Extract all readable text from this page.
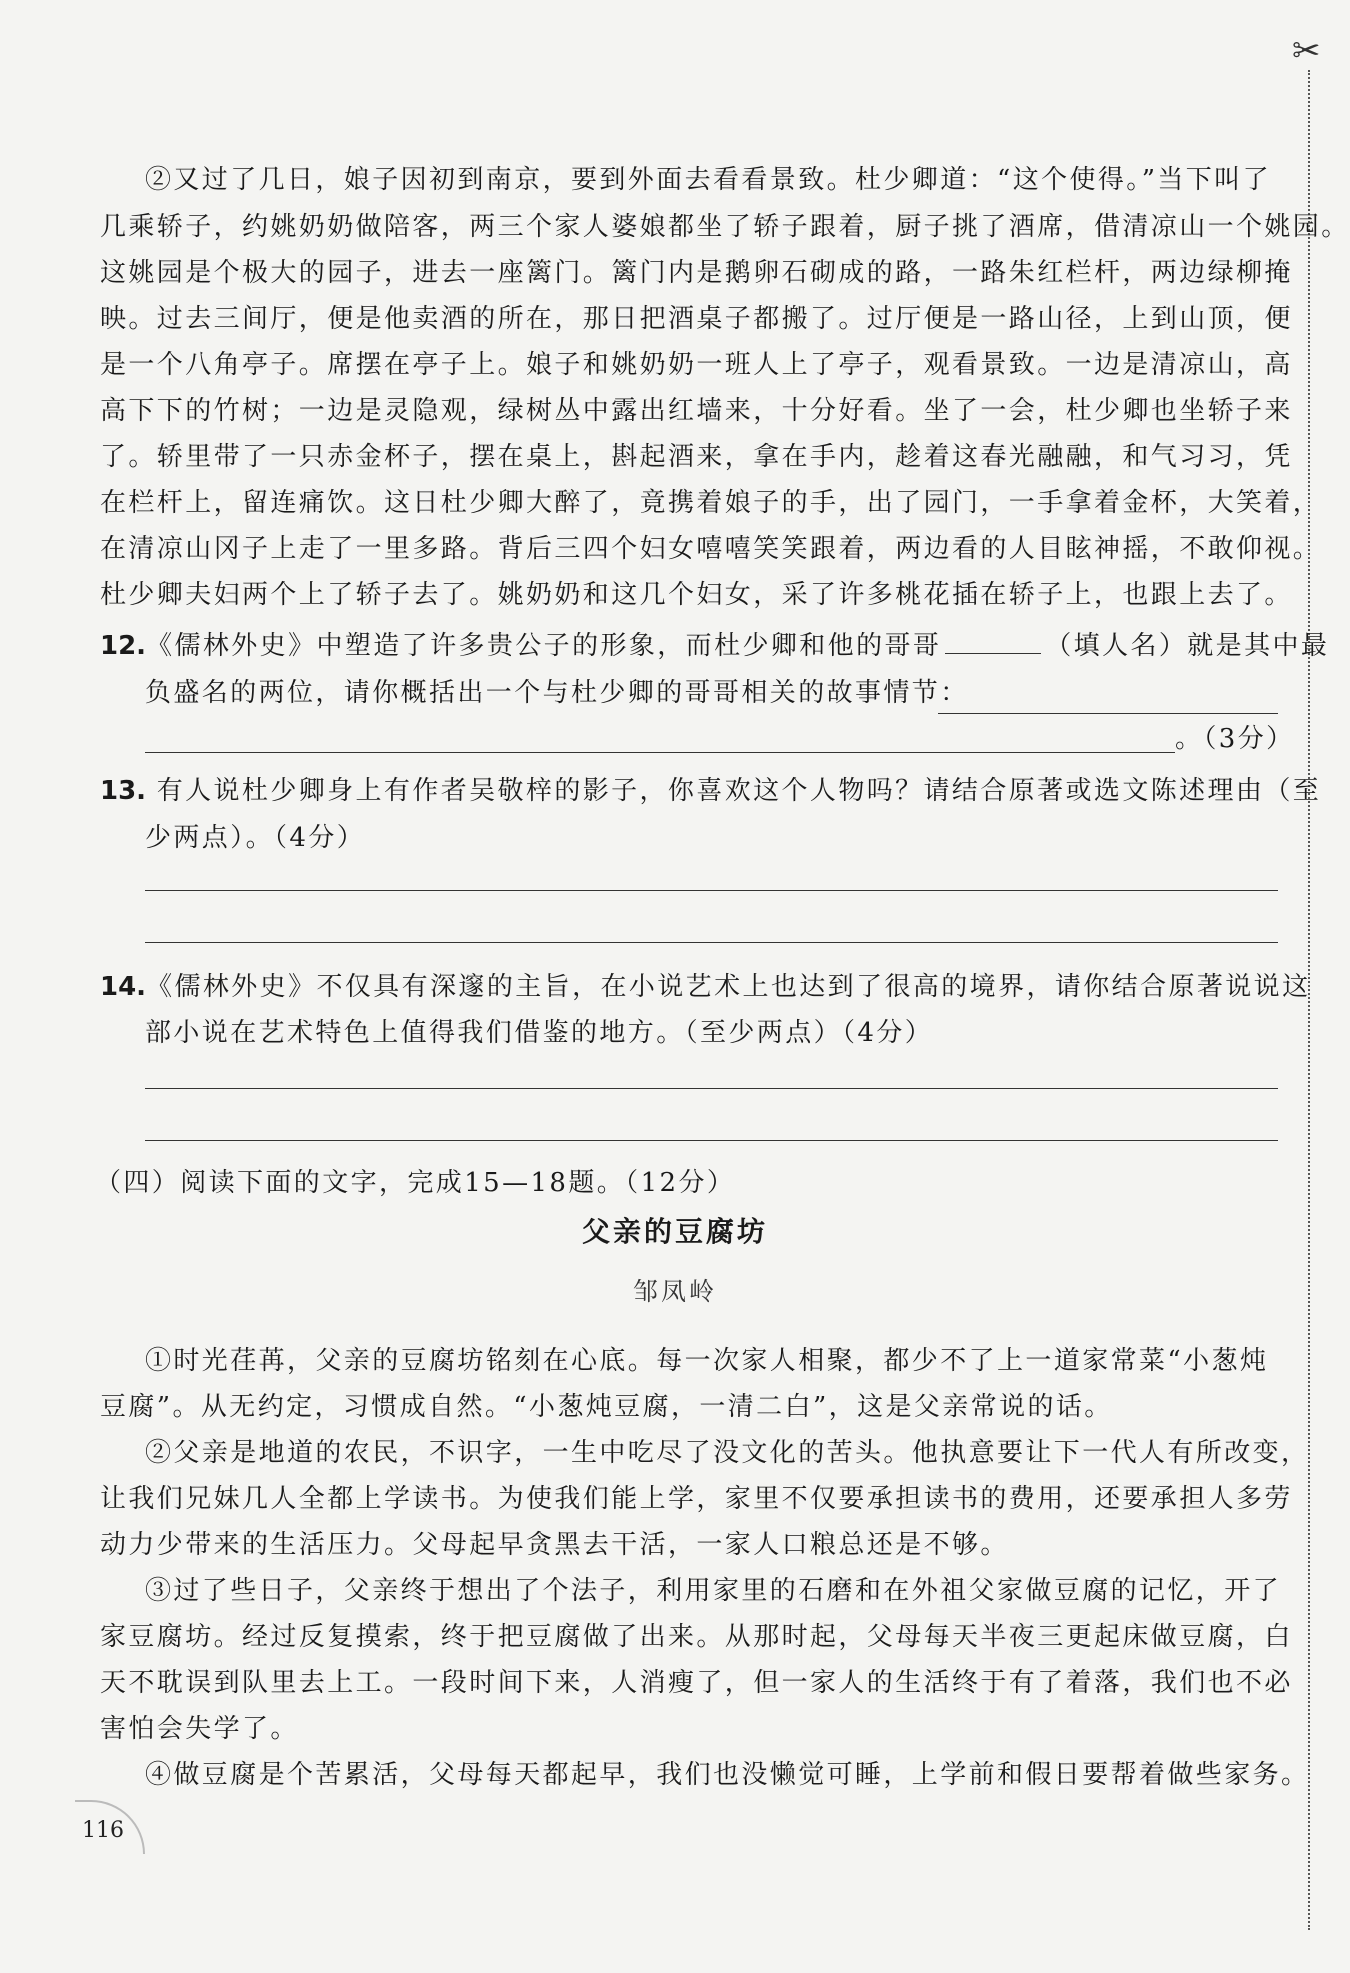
✂
②又过了几日，娘子因初到南京，要到外面去看看景致。杜少卿道：“这个使得。”当下叫了
几乘轿子，约姚奶奶做陪客，两三个家人婆娘都坐了轿子跟着，厨子挑了酒席，借清凉山一个姚园。
这姚园是个极大的园子，进去一座篱门。篱门内是鹅卵石砌成的路，一路朱红栏杆，两边绿柳掩
映。过去三间厅，便是他卖酒的所在，那日把酒桌子都搬了。过厅便是一路山径，上到山顶，便
是一个八角亭子。席摆在亭子上。娘子和姚奶奶一班人上了亭子，观看景致。一边是清凉山，高
高下下的竹树；一边是灵隐观，绿树丛中露出红墙来，十分好看。坐了一会，杜少卿也坐轿子来
了。轿里带了一只赤金杯子，摆在桌上，斟起酒来，拿在手内，趁着这春光融融，和气习习，凭
在栏杆上，留连痛饮。这日杜少卿大醉了，竟携着娘子的手，出了园门，一手拿着金杯，大笑着，
在清凉山冈子上走了一里多路。背后三四个妇女嘻嘻笑笑跟着，两边看的人目眩神摇，不敢仰视。
杜少卿夫妇两个上了轿子去了。姚奶奶和这几个妇女，采了许多桃花插在轿子上，也跟上去了。
12.《儒林外史》中塑造了许多贵公子的形象，而杜少卿和他的哥哥	（填人名）就是其中最
负盛名的两位，请你概括出一个与杜少卿的哥哥相关的故事情节：
。（3分）
13. 有人说杜少卿身上有作者吴敬梓的影子，你喜欢这个人物吗？请结合原著或选文陈述理由（至
少两点）。（4分）
14.《儒林外史》不仅具有深邃的主旨，在小说艺术上也达到了很高的境界，请你结合原著说说这
部小说在艺术特色上值得我们借鉴的地方。（至少两点）（4分）
（四）阅读下面的文字，完成15—18题。（12分）
父亲的豆腐坊
邹凤岭
①时光荏苒，父亲的豆腐坊铭刻在心底。每一次家人相聚，都少不了上一道家常菜“小葱炖
豆腐”。从无约定，习惯成自然。“小葱炖豆腐，一清二白”，这是父亲常说的话。
②父亲是地道的农民，不识字，一生中吃尽了没文化的苦头。他执意要让下一代人有所改变，
让我们兄妹几人全都上学读书。为使我们能上学，家里不仅要承担读书的费用，还要承担人多劳
动力少带来的生活压力。父母起早贪黑去干活，一家人口粮总还是不够。
③过了些日子，父亲终于想出了个法子，利用家里的石磨和在外祖父家做豆腐的记忆，开了
家豆腐坊。经过反复摸索，终于把豆腐做了出来。从那时起，父母每天半夜三更起床做豆腐，白
天不耽误到队里去上工。一段时间下来，人消瘦了，但一家人的生活终于有了着落，我们也不必
害怕会失学了。
④做豆腐是个苦累活，父母每天都起早，我们也没懒觉可睡，上学前和假日要帮着做些家务。
116
